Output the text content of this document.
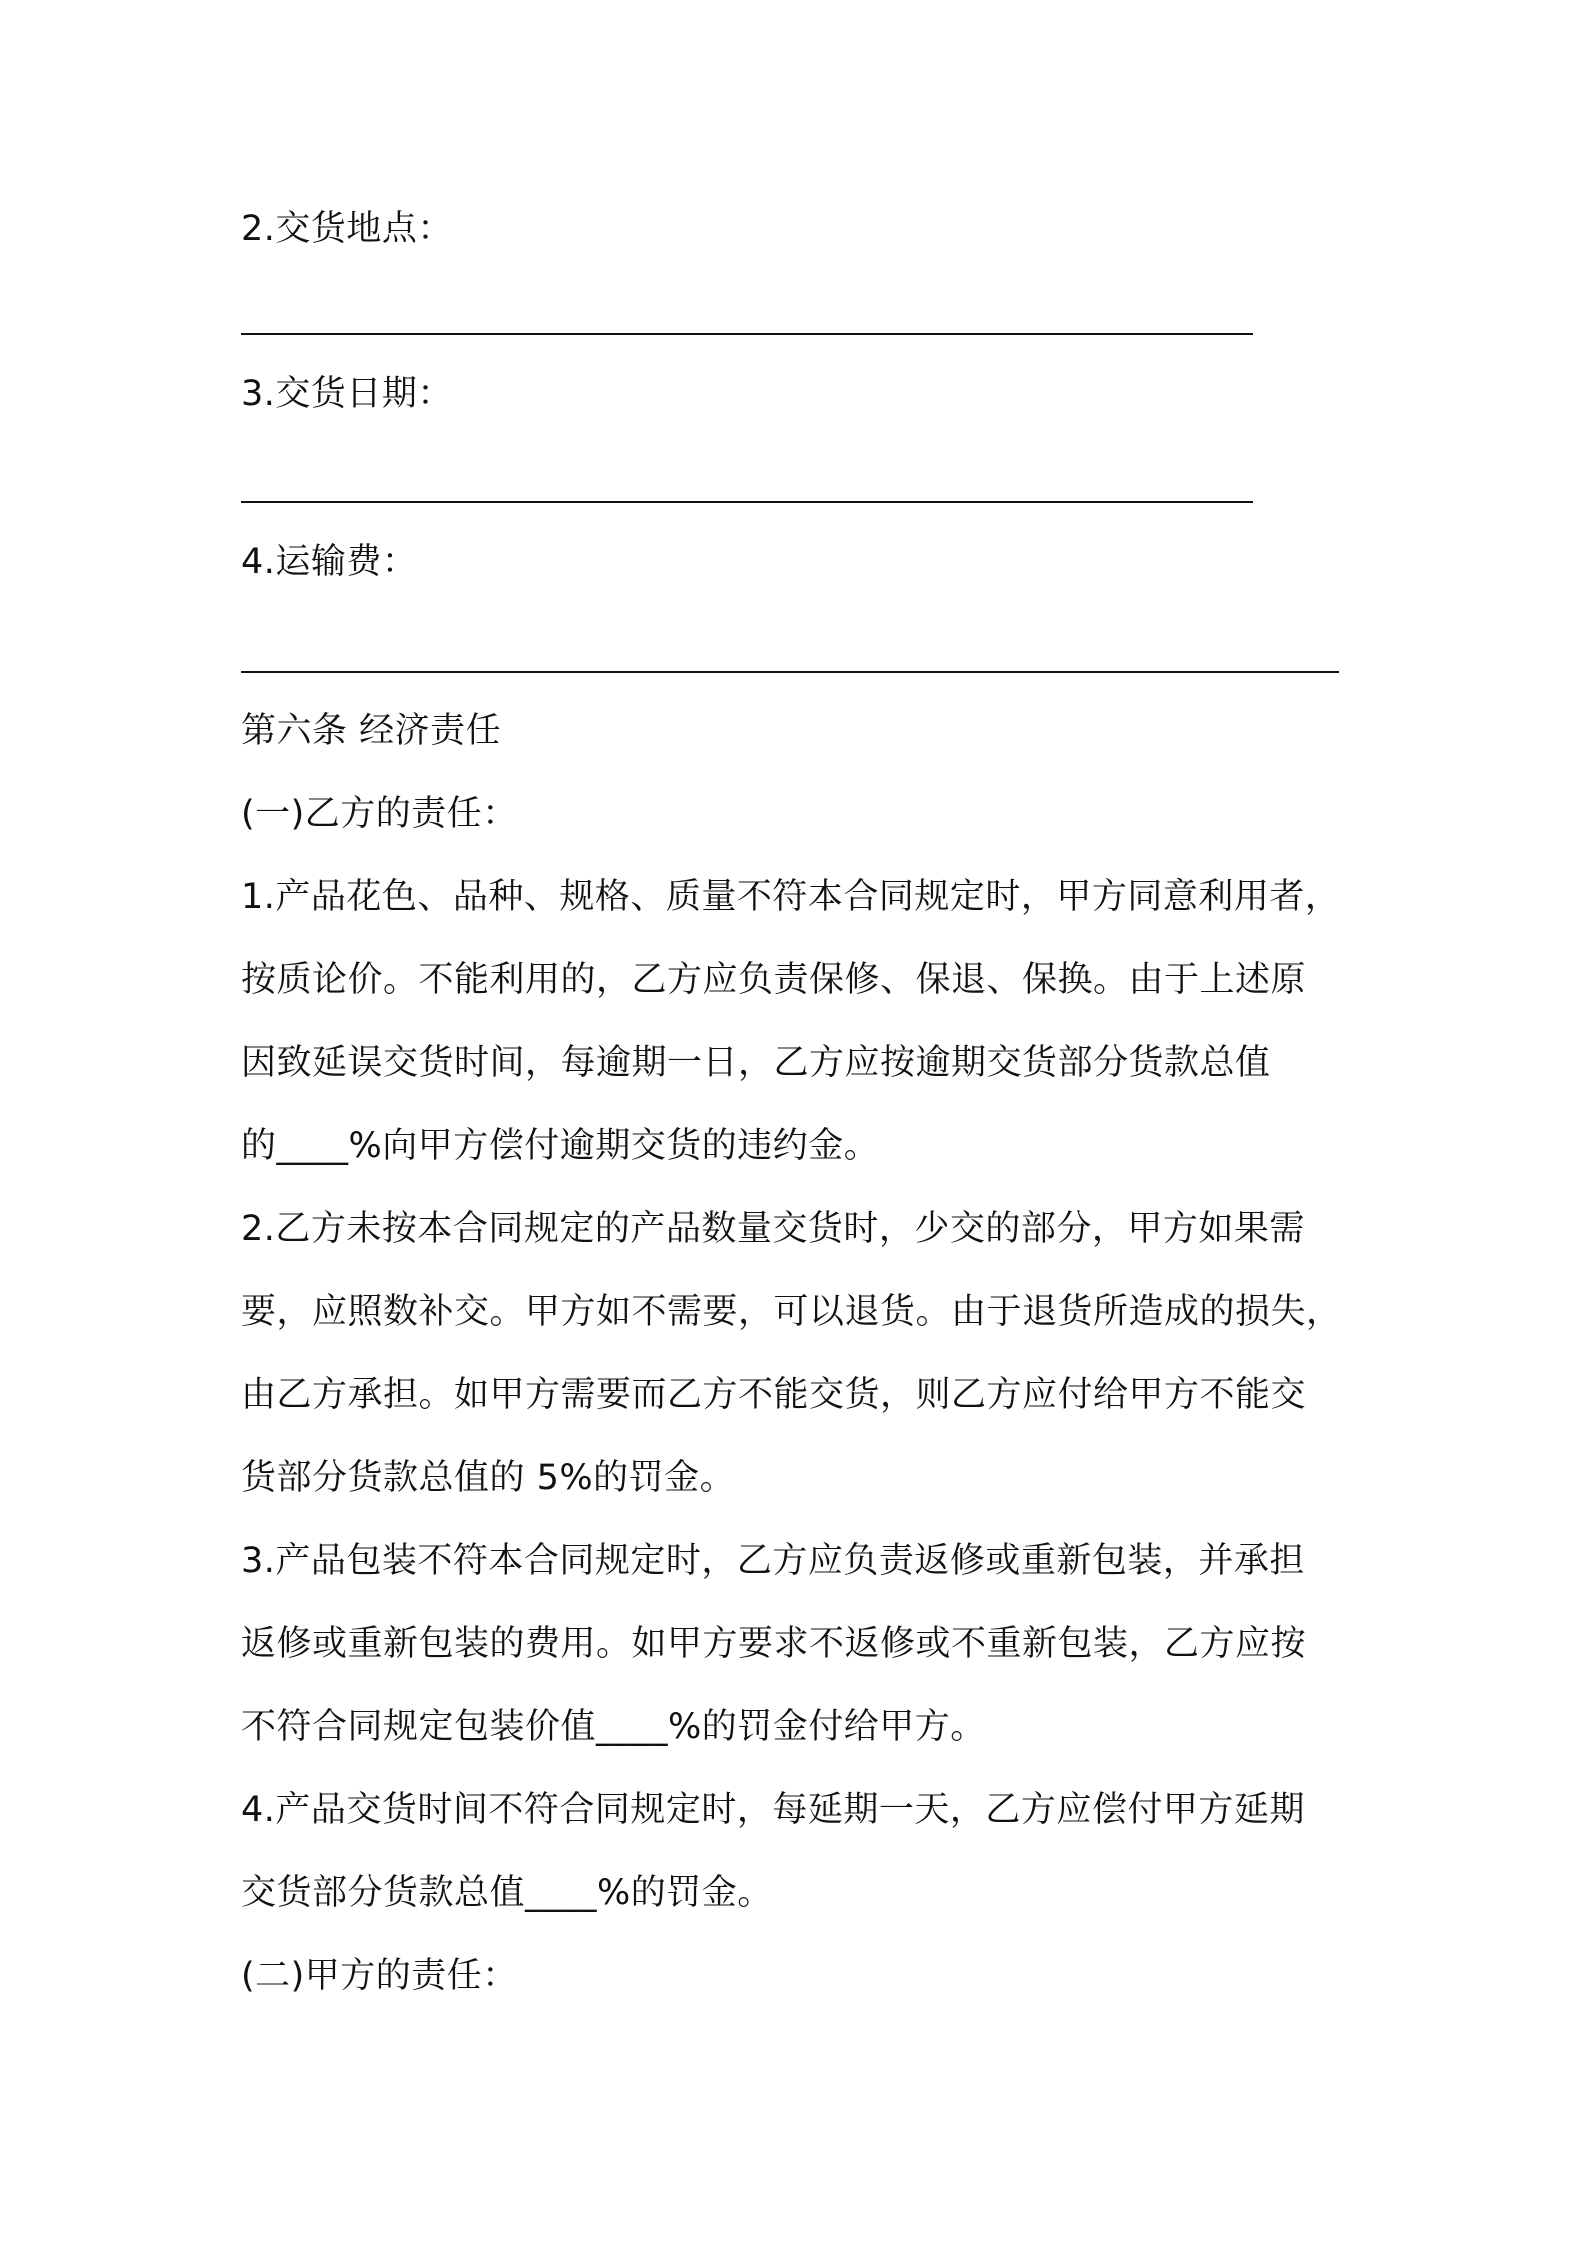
2.交货地点：
3.交货日期：
4.运输费：
第六条 经济责任
(一)乙方的责任：
1.产品花色、品种、规格、质量不符本合同规定时，甲方同意利用者，
按质论价。不能利用的，乙方应负责保修、保退、保换。由于上述原
因致延误交货时间，每逾期一日，乙方应按逾期交货部分货款总值
的____%向甲方偿付逾期交货的违约金。
2.乙方未按本合同规定的产品数量交货时，少交的部分，甲方如果需
要，应照数补交。甲方如不需要，可以退货。由于退货所造成的损失，
由乙方承担。如甲方需要而乙方不能交货，则乙方应付给甲方不能交
货部分货款总值的 5%的罚金。
3.产品包装不符本合同规定时，乙方应负责返修或重新包装，并承担
返修或重新包装的费用。如甲方要求不返修或不重新包装，乙方应按
不符合同规定包装价值____%的罚金付给甲方。
4.产品交货时间不符合同规定时，每延期一天，乙方应偿付甲方延期
交货部分货款总值____%的罚金。
(二)甲方的责任：
